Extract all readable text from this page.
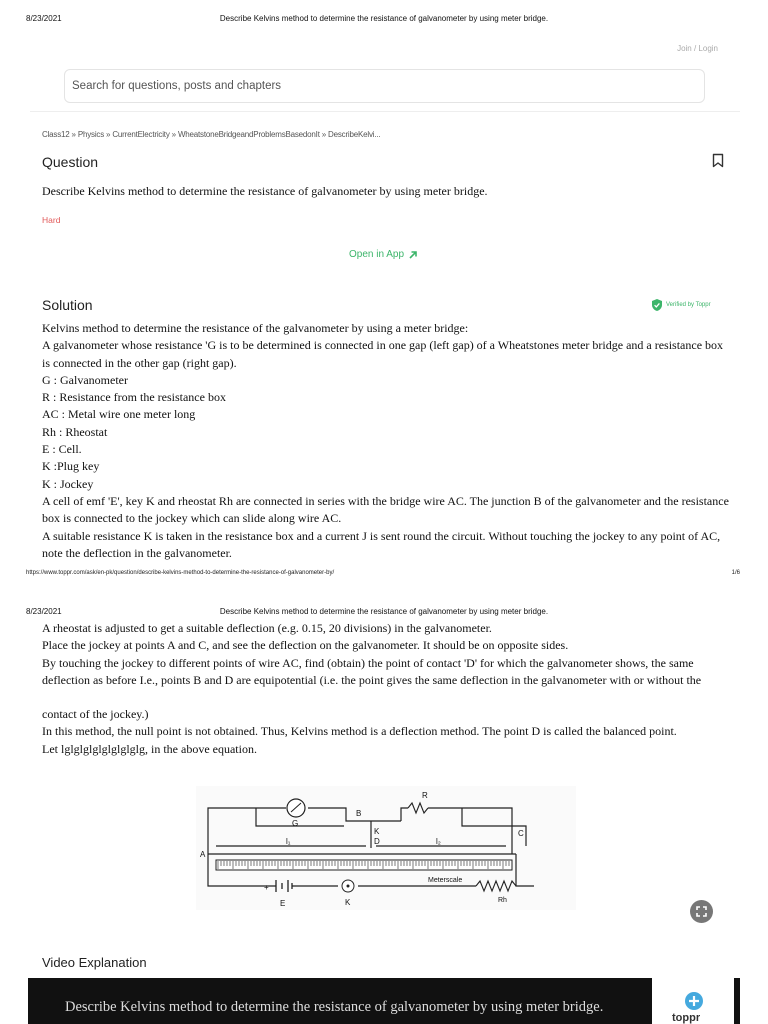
8/23/2021	Describe Kelvins method to determine the resistance of galvanometer by using meter bridge.
Join / Login
Search for questions, posts and chapters
Class12 » Physics » CurrentElectricity » WheatstoneBridgeandProblemsBasedonIt » DescribeKelvi...
Question
Describe Kelvins method to determine the resistance of galvanometer by using meter bridge.
Hard
Open in App
Solution	Verified by Toppr

Kelvins method to determine the resistance of the galvanometer by using a meter bridge:

A galvanometer whose resistance 'G is to be determined is connected in one gap (left gap) of a Wheatstones meter bridge and a resistance box is connected in the other gap (right gap).

G : Galvanometer

R : Resistance from the resistance box

AC : Metal wire one meter long

Rh : Rheostat

E : Cell.

K :Plug key

K : Jockey

A cell of emf 'E', key K and rheostat Rh are connected in series with the bridge wire AC. The junction B of the galvanometer and the resistance box is connected to the jockey which can slide along wire AC.

A suitable resistance K is taken in the resistance box and a current J is sent round the circuit. Without touching the jockey to any point of AC, note the deflection in the galvanometer.

https://www.toppr.com/ask/en-pk/question/describe-kelvins-method-to-determine-the-resistance-of-galvanometer-by/	1/6
8/23/2021	Describe Kelvins method to determine the resistance of galvanometer by using meter bridge.

A rheostat is adjusted to get a suitable deflection (e.g. 0.15, 20 divisions) in the galvanometer.

Place the jockey at points A and C, and see the deflection on the galvanometer. It should be on opposite sides.

By touching the jockey to different points of wire AC, find (obtain) the point of contact 'D' for which the galvanometer shows, the same deflection as before I.e., points B and D are equipotential (i.e. the point gives the same deflection in the galvanometer with or without the

contact of the jockey.)

In this method, the null point is not obtained. Thus, Kelvins method is a deflection method. The point D is called the balanced point.

Let lglglglglglglglglg, in the above equation.

R
G
B
K
D
A
C
l₁	l₂
Meterscale
E	K	Rh
+
Video Explanation
Describe Kelvins method to determine the resistance of galvanometer by using meter bridge.
toppr
